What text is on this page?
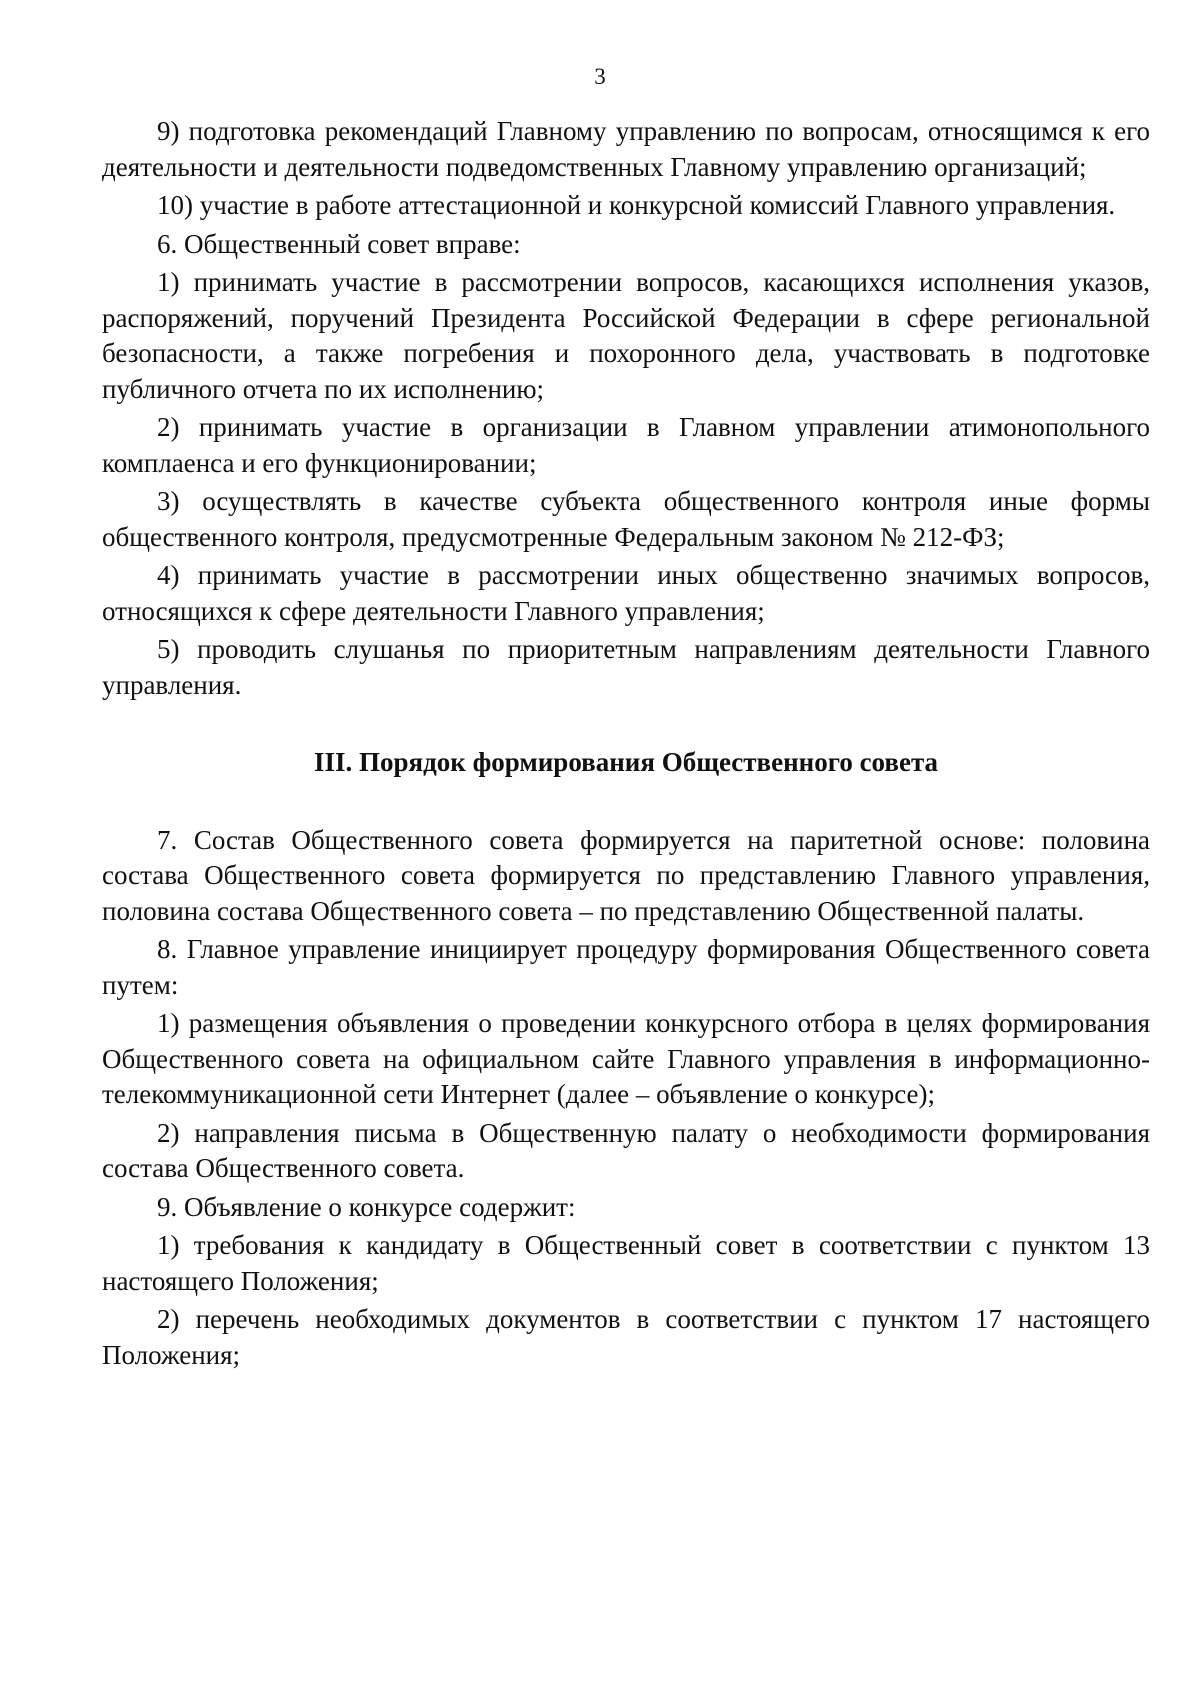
3

9) подготовка рекомендаций Главному управлению по вопросам, относящимся к его деятельности и деятельности подведомственных Главному управлению организаций;

10) участие в работе аттестационной и конкурсной комиссий Главного управления.

6. Общественный совет вправе:

1) принимать участие в рассмотрении вопросов, касающихся исполнения указов, распоряжений, поручений Президента Российской Федерации в сфере региональной безопасности, а также погребения и похоронного дела, участвовать в подготовке публичного отчета по их исполнению;

2) принимать участие в организации в Главном управлении атимонопольного комплаенса и его функционировании;

3) осуществлять в качестве субъекта общественного контроля иные формы общественного контроля, предусмотренные Федеральным законом № 212-ФЗ;

4) принимать участие в рассмотрении иных общественно значимых вопросов, относящихся к сфере деятельности Главного управления;

5) проводить слушанья по приоритетным направлениям деятельности Главного управления.

III. Порядок формирования Общественного совета

7. Состав Общественного совета формируется на паритетной основе: половина состава Общественного совета формируется по представлению Главного управления, половина состава Общественного совета – по представлению Общественной палаты.

8. Главное управление инициирует процедуру формирования Общественного совета путем:

1) размещения объявления о проведении конкурсного отбора в целях формирования Общественного совета на официальном сайте Главного управления в информационно-телекоммуникационной сети Интернет (далее – объявление о конкурсе);

2) направления письма в Общественную палату о необходимости формирования состава Общественного совета.

9. Объявление о конкурсе содержит:

1) требования к кандидату в Общественный совет в соответствии с пунктом 13 настоящего Положения;

2) перечень необходимых документов в соответствии с пунктом 17 настоящего Положения;
